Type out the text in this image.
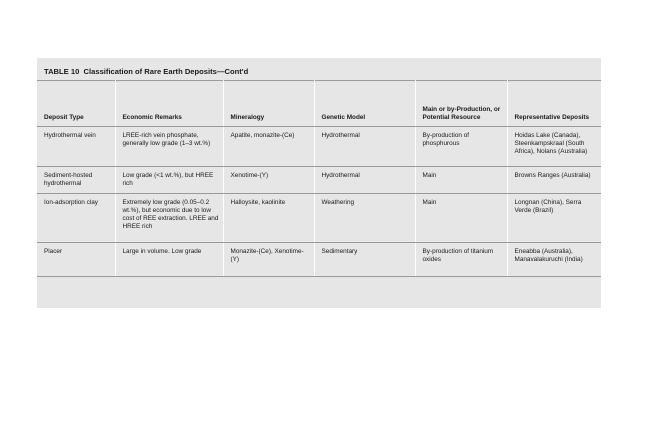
TABLE 10 Classification of Rare Earth Deposits—Cont'd
Deposit Type	Economic Remarks	Mineralogy	Genetic Model	Main or by-Production, or Potential Resource	Representative Deposits
Hydrothermal vein	LREE-rich vein phosphate, generally low grade (1–3 wt.%)	Apatite, monazite-(Ce)	Hydrothermal	By-production of phosphurous	Hoidas Lake (Canada), Steenkampskraal (South Africa), Nolans (Australia)
Sediment-hosted hydrothermal	Low grade (<1 wt.%), but HREE rich	Xenotime-(Y)	Hydrothermal	Main	Browns Ranges (Australia)
Ion-adsorption clay	Extremely low grade (0.05–0.2 wt.%), but economic due to low cost of REE extraction. LREE and HREE rich	Halloysite, kaolinite	Weathering	Main	Longnan (China), Serra Verde (Brazil)
Placer	Large in volume. Low grade	Monazite-(Ce), Xenotime-(Y)	Sedimentary	By-production of titanium oxides	Eneabba (Australia), Manavalakuruchi (India)
